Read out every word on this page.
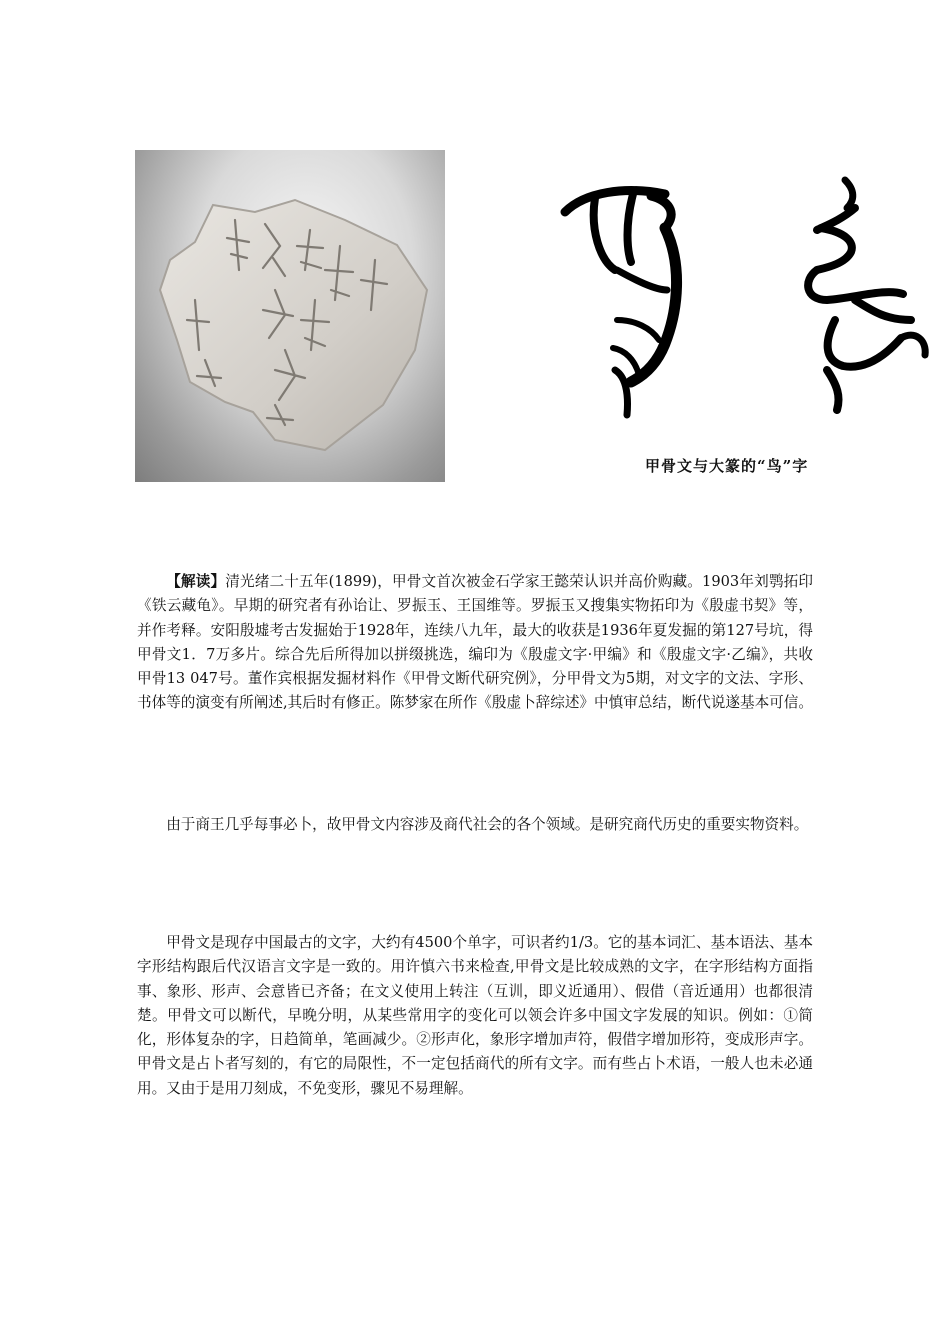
甲骨文与大篆的“鸟”字

【解读】清光绪二十五年(1899)，甲骨文首次被金石学家王懿荣认识并高价购藏。1903年刘鹗拓印《铁云藏龟》。早期的研究者有孙诒让、罗振玉、王国维等。罗振玉又搜集实物拓印为《殷虚书契》等，并作考释。安阳殷墟考古发掘始于1928年，连续八九年，最大的收获是1936年夏发掘的第127号坑，得甲骨文1．7万多片。综合先后所得加以拼缀挑选，编印为《殷虚文字·甲编》和《殷虚文字·乙编》，共收甲骨13 047号。董作宾根据发掘材料作《甲骨文断代研究例》，分甲骨文为5期，对文字的文法、字形、书体等的演变有所阐述,其后时有修正。陈梦家在所作《殷虚卜辞综述》中慎审总结，断代说遂基本可信。

由于商王几乎每事必卜，故甲骨文内容涉及商代社会的各个领域。是研究商代历史的重要实物资料。

甲骨文是现存中国最古的文字，大约有4500个单字，可识者约1/3。它的基本词汇、基本语法、基本字形结构跟后代汉语言文字是一致的。用许慎六书来检查,甲骨文是比较成熟的文字，在字形结构方面指事、象形、形声、会意皆已齐备；在文义使用上转注（互训，即义近通用）、假借（音近通用）也都很清楚。甲骨文可以断代，早晚分明，从某些常用字的变化可以领会许多中国文字发展的知识。例如：①简化，形体复杂的字，日趋简单，笔画减少。②形声化，象形字增加声符，假借字增加形符，变成形声字。甲骨文是占卜者写刻的，有它的局限性，不一定包括商代的所有文字。而有些占卜术语，一般人也未必通用。又由于是用刀刻成，不免变形，骤见不易理解。
